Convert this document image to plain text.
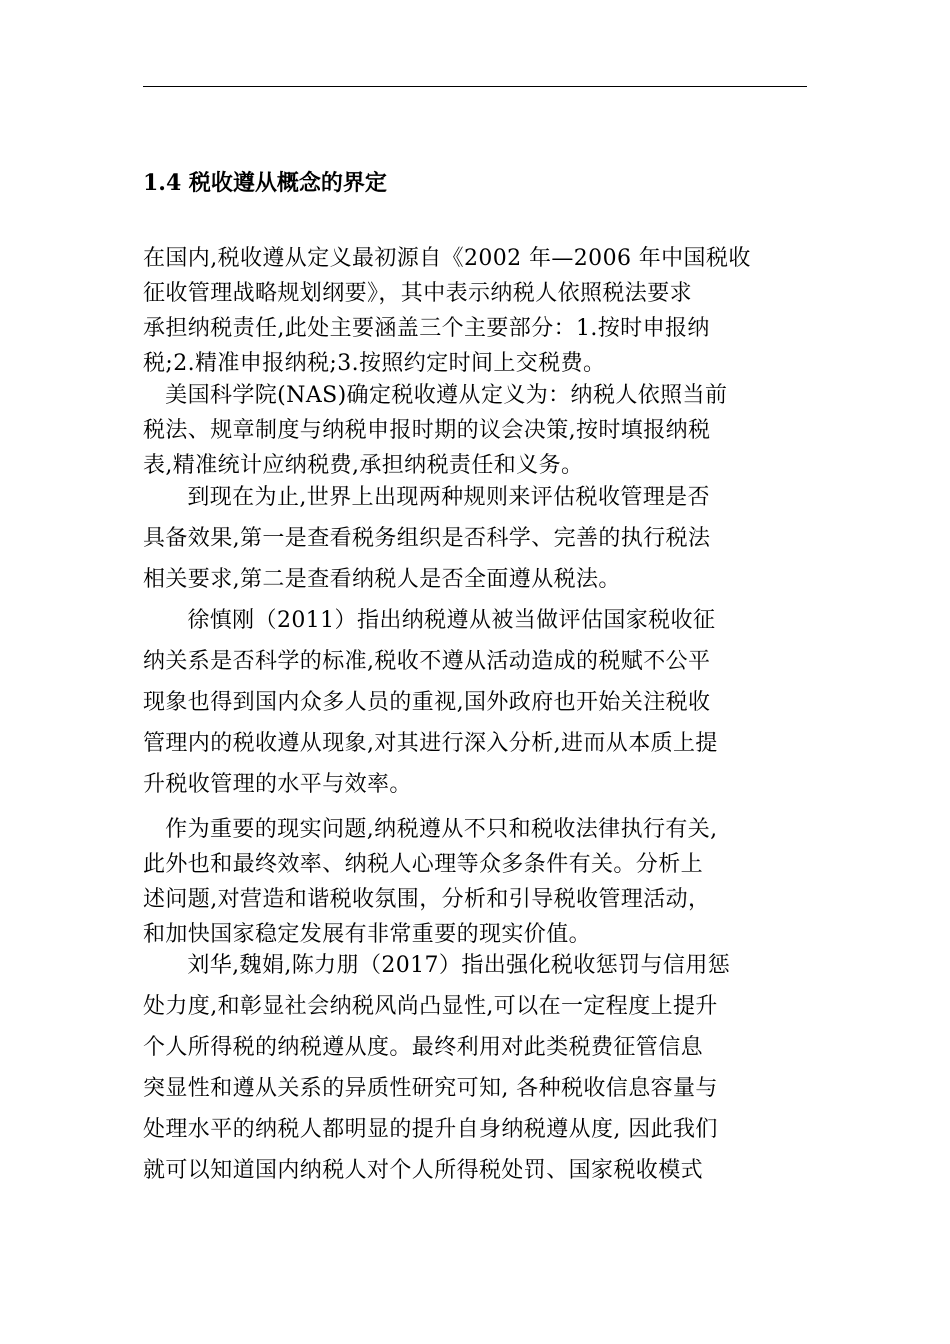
1.4 税收遵从概念的界定
在国内,税收遵从定义最初源自《2002 年—2006 年中国税收
征收管理战略规划纲要》，其中表示纳税人依照税法要求
承担纳税责任,此处主要涵盖三个主要部分：1.按时申报纳
税;2.精准申报纳税;3.按照约定时间上交税费。
美国科学院(NAS)确定税收遵从定义为：纳税人依照当前
税法、规章制度与纳税申报时期的议会决策,按时填报纳税
表,精准统计应纳税费,承担纳税责任和义务。
到现在为止,世界上出现两种规则来评估税收管理是否
具备效果,第一是查看税务组织是否科学、完善的执行税法
相关要求,第二是查看纳税人是否全面遵从税法。
徐慎刚（2011）指出纳税遵从被当做评估国家税收征
纳关系是否科学的标准,税收不遵从活动造成的税赋不公平
现象也得到国内众多人员的重视,国外政府也开始关注税收
管理内的税收遵从现象,对其进行深入分析,进而从本质上提
升税收管理的水平与效率。
作为重要的现实问题,纳税遵从不只和税收法律执行有关,
此外也和最终效率、纳税人心理等众多条件有关。分析上
述问题,对营造和谐税收氛围，分析和引导税收管理活动，
和加快国家稳定发展有非常重要的现实价值。
刘华,魏娟,陈力朋（2017）指出强化税收惩罚与信用惩
处力度,和彰显社会纳税风尚凸显性,可以在一定程度上提升
个人所得税的纳税遵从度。最终利用对此类税费征管信息
突显性和遵从关系的异质性研究可知, 各种税收信息容量与
处理水平的纳税人都明显的提升自身纳税遵从度, 因此我们
就可以知道国内纳税人对个人所得税处罚、国家税收模式
